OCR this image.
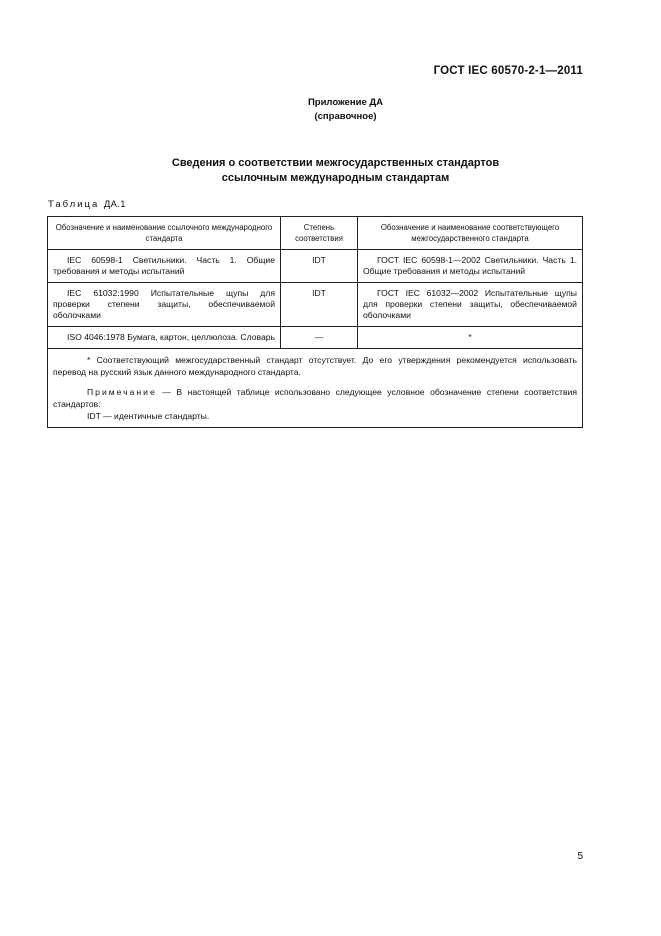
ГОСТ IEC 60570-2-1—2011
Приложение ДА
(справочное)
Сведения о соответствии межгосударственных стандартов
ссылочным международным стандартам
Таблица ДА.1
Обозначение и наименование ссылочного международного стандарта	Степень соответствия	Обозначение и наименование соответствующего межгосударственного стандарта
IEC 60598-1 Светильники. Часть 1. Общие требования и методы испытаний	IDT	ГОСТ IEC 60598-1—2002 Светильники. Часть 1. Общие требования и методы испытаний
IEC 61032:1990 Испытательные щупы для проверки степени защиты, обеспечиваемой оболочками	IDT	ГОСТ IEC 61032—2002 Испытательные щупы для проверки степени защиты, обеспечиваемой оболочками
ISO 4046:1978 Бумага, картон, целлюлоза. Словарь	—	*

* Соответствующий межгосударственный стандарт отсутствует. До его утверждения рекомендуется использовать перевод на русский язык данного международного стандарта.

Примечание — В настоящей таблице использовано следующее условное обозначение степени соответствия стандартов:

IDT — идентичные стандарты.		

5
